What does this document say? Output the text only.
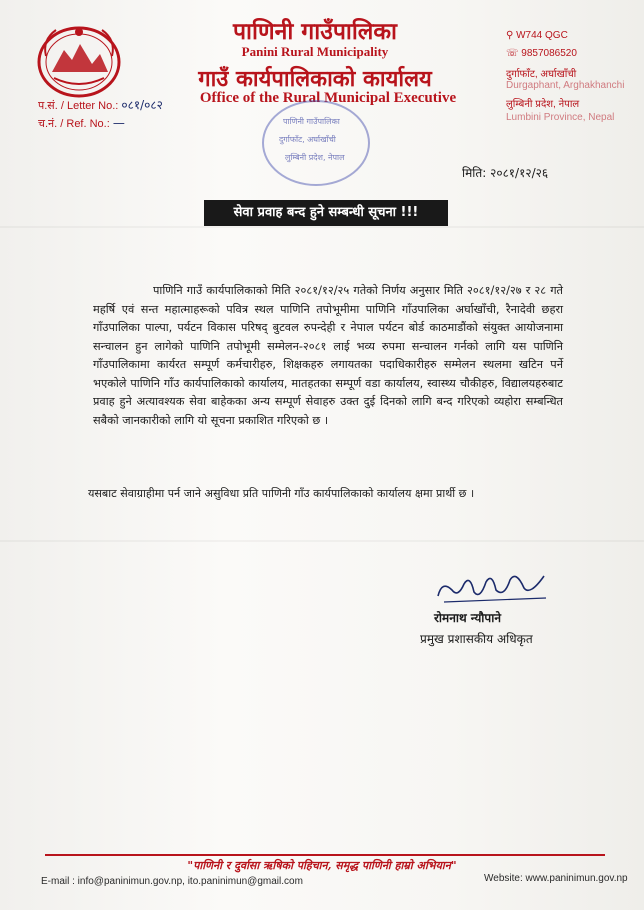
पाणिनी गाउँपालिका
Panini Rural Municipality
गाउँ कार्यपालिकाको कार्यालय
Office of the Rural Municipal Executive
प.सं. / Letter No.: ०८१/०८२
च.नं. / Ref. No.: —
⚲ W744 QGC
☏ 9857086520
दुर्गाफाँट, अर्घाखाँची
Durgaphant, Arghakhanchi
लुम्बिनी प्रदेश, नेपाल
Lumbini Province, Nepal
पाणिनी गाउँपालिका
दुर्गाफाँट, अर्घाखाँची
लुम्बिनी प्रदेश, नेपाल
मिति: २०८१/१२/२६
सेवा प्रवाह बन्द हुने सम्बन्धी सूचना !!!
पाणिनि गाउँ कार्यपालिकाको मिति २०८१/१२/२५ गतेको निर्णय अनुसार मिति २०८१/१२/२७ र २८ गते महर्षि एवं सन्त महात्माहरूको पवित्र स्थल पाणिनि तपोभूमीमा पाणिनि गाँउपालिका अर्घाखाँची, रैनादेवी छहरा गाँउपालिका पाल्पा, पर्यटन विकास परिषद् बुटवल रुपन्देही र नेपाल पर्यटन बोर्ड काठमाडौंको संयुक्त आयोजनामा सन्चालन हुन लागेको पाणिनि तपोभूमी सम्मेलन-२०८१ लाई भव्य रुपमा सन्चालन गर्नको लागि यस पाणिनि गाँउपालिकामा कार्यरत सम्पूर्ण कर्मचारीहरु, शिक्षकहरु लगायतका पदाधिकारीहरु सम्मेलन स्थलमा खटिन पर्ने भएकोले पाणिनि गाँउ कार्यपालिकाको कार्यालय, मातहतका सम्पूर्ण वडा कार्यालय, स्वास्थ्य चौकीहरु, विद्यालयहरुबाट प्रवाह हुने अत्यावश्यक सेवा बाहेकका अन्य सम्पूर्ण सेवाहरु उक्त दुई दिनको लागि बन्द गरिएको व्यहोरा सम्बन्धित सबैको जानकारीको लागि यो सूचना प्रकाशित गरिएको छ ।
यसबाट सेवाग्राहीमा पर्न जाने असुविधा प्रति पाणिनी गाँउ कार्यपालिकाको कार्यालय क्षमा प्रार्थी छ ।
रोमनाथ न्यौपाने
प्रमुख प्रशासकीय अधिकृत
"पाणिनी र दुर्वासा ऋषिको पहिचान, समृद्ध पाणिनी हाम्रो अभियान"
E-mail : info@paninimun.gov.np, ito.paninimun@gmail.com	Website: www.paninimun.gov.np
